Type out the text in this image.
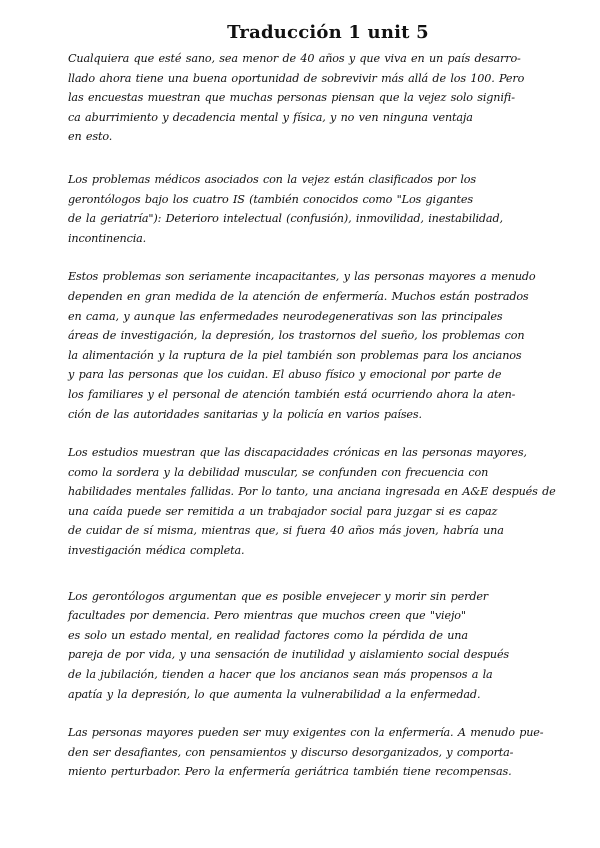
Traducción 1 unit 5

Cualquiera que esté sano, sea menor de 40 años y que viva en un país desarro-
llado ahora tiene una buena oportunidad de sobrevivir más allá de los 100. Pero
las encuestas muestran que muchas personas piensan que la vejez solo signifi-
ca aburrimiento y decadencia mental y física, y no ven ninguna ventaja
en esto.

Los problemas médicos asociados con la vejez están clasificados por los
gerontólogos bajo los cuatro IS (también conocidos como "Los gigantes
de la geriatría"): Deterioro intelectual (confusión), inmovilidad, inestabilidad,
incontinencia.

Estos problemas son seriamente incapacitantes, y las personas mayores a menudo
dependen en gran medida de la atención de enfermería. Muchos están postrados
en cama, y aunque las enfermedades neurodegenerativas son las principales
áreas de investigación, la depresión, los trastornos del sueño, los problemas con
la alimentación y la ruptura de la piel también son problemas para los ancianos
y para las personas que los cuidan. El abuso físico y emocional por parte de
los familiares y el personal de atención también está ocurriendo ahora la aten-
ción de las autoridades sanitarias y la policía en varios países.

Los estudios muestran que las discapacidades crónicas en las personas mayores,
como la sordera y la debilidad muscular, se confunden con frecuencia con
habilidades mentales fallidas. Por lo tanto, una anciana ingresada en A&E después de
una caída puede ser remitida a un trabajador social para juzgar si es capaz
de cuidar de sí misma, mientras que, si fuera 40 años más joven, habría una
investigación médica completa.

Los gerontólogos argumentan que es posible envejecer y morir sin perder
facultades por demencia. Pero mientras que muchos creen que "viejo"
es solo un estado mental, en realidad factores como la pérdida de una
pareja de por vida, y una sensación de inutilidad y aislamiento social después
de la jubilación, tienden a hacer que los ancianos sean más propensos a la
apatía y la depresión, lo que aumenta la vulnerabilidad a la enfermedad.

Las personas mayores pueden ser muy exigentes con la enfermería. A menudo pue-
den ser desafiantes, con pensamientos y discurso desorganizados, y comporta-
miento perturbador. Pero la enfermería geriátrica también tiene recompensas.
